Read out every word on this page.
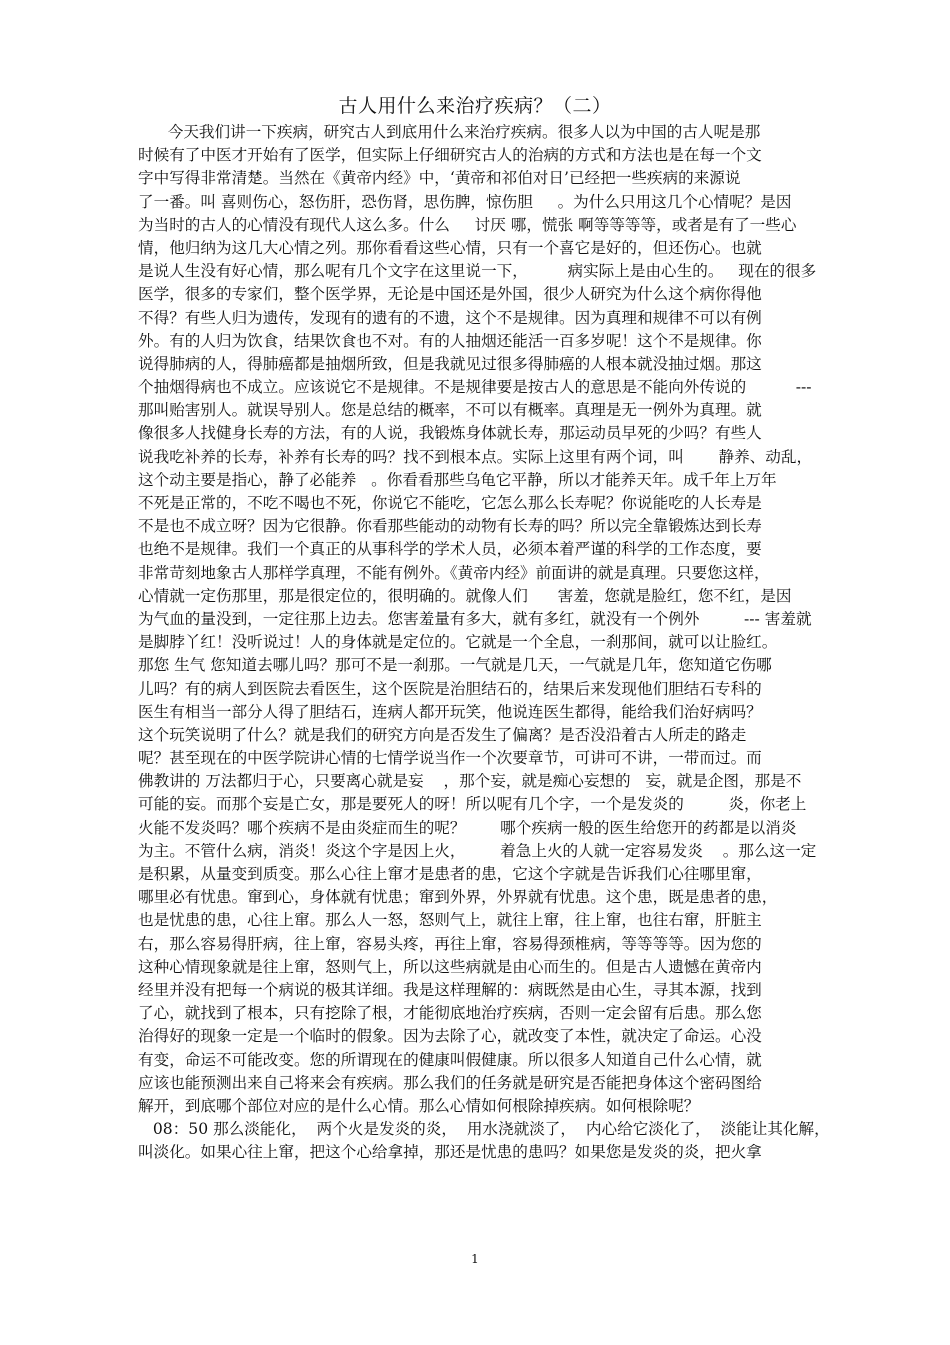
古人用什么来治疗疾病？（二）
今天我们讲一下疾病，研究古人到底用什么来治疗疾病。很多人以为中国的古人呢是那
时候有了中医才开始有了医学，但实际上仔细研究古人的治病的方式和方法也是在每一个文
字中写得非常清楚。当然在《黄帝内经》中，‘黄帝和祁伯对日’已经把一些疾病的来源说
了一番。叫 喜则伤心，怒伤肝，恐伤肾，思伤脾，惊伤胆     。为什么只用这几个心情呢？是因
为当时的古人的心情没有现代人这么多。什么     讨厌 哪，慌张 啊等等等等，或者是有了一些心
情，他归纳为这几大心情之列。那你看看这些心情，只有一个喜它是好的，但还伤心。也就
是说人生没有好心情，那么呢有几个文字在这里说一下，        病实际上是由心生的。   现在的很多
医学，很多的专家们，整个医学界，无论是中国还是外国，很少人研究为什么这个病你得他
不得？有些人归为遗传，发现有的遗有的不遗，这个不是规律。因为真理和规律不可以有例
外。有的人归为饮食，结果饮食也不对。有的人抽烟还能活一百多岁呢！这个不是规律。你
说得肺病的人，得肺癌都是抽烟所致，但是我就见过很多得肺癌的人根本就没抽过烟。那这
个抽烟得病也不成立。应该说它不是规律。不是规律要是按古人的意思是不能向外传说的          ---
那叫贻害别人。就误导别人。您是总结的概率，不可以有概率。真理是无一例外为真理。就
像很多人找健身长寿的方法，有的人说，我锻炼身体就长寿，那运动员早死的少吗？有些人
说我吃补养的长寿，补养有长寿的吗？找不到根本点。实际上这里有两个词，叫       静养、动乱，
这个动主要是指心，静了必能养   。你看看那些乌龟它平静，所以才能养天年。成千年上万年
不死是正常的，不吃不喝也不死，你说它不能吃，它怎么那么长寿呢？你说能吃的人长寿是
不是也不成立呀？因为它很静。你看那些能动的动物有长寿的吗？所以完全靠锻炼达到长寿
也绝不是规律。我们一个真正的从事科学的学术人员，必须本着严谨的科学的工作态度，要
非常苛刻地象古人那样学真理，不能有例外。《黄帝内经》前面讲的就是真理。只要您这样，
心情就一定伤那里，那是很定位的，很明确的。就像人们      害羞，您就是脸红，您不红，是因
为气血的量没到，一定往那上边去。您害羞量有多大，就有多红，就没有一个例外         --- 害羞就
是脚脖丫红！没听说过！人的身体就是定位的。它就是一个全息，一刹那间，就可以让脸红。
那您 生气 您知道去哪儿吗？那可不是一刹那。一气就是几天，一气就是几年，您知道它伤哪
儿吗？有的病人到医院去看医生，这个医院是治胆结石的，结果后来发现他们胆结石专科的
医生有相当一部分人得了胆结石，连病人都开玩笑，他说连医生都得，能给我们治好病吗？
这个玩笑说明了什么？就是我们的研究方向是否发生了偏离？是否没沿着古人所走的路走
呢？甚至现在的中医学院讲心情的七情学说当作一个次要章节，可讲可不讲，一带而过。而
佛教讲的 万法都归于心，只要离心就是妄    ，那个妄，就是痴心妄想的   妄，就是企图，那是不
可能的妄。而那个妄是亡女，那是要死人的呀！所以呢有几个字，一个是发炎的         炎，你老上
火能不发炎吗？哪个疾病不是由炎症而生的呢？       哪个疾病一般的医生给您开的药都是以消炎
为主。不管什么病，消炎！炎这个字是因上火，       着急上火的人就一定容易发炎    。那么这一定
是积累，从量变到质变。那么心往上窜才是患者的患，它这个字就是告诉我们心往哪里窜，
哪里必有忧患。窜到心，身体就有忧患；窜到外界，外界就有忧患。这个患，既是患者的患，
也是忧患的患，心往上窜。那么人一怒，怒则气上，就往上窜，往上窜，也往右窜，肝脏主
右，那么容易得肝病，往上窜，容易头疼，再往上窜，容易得颈椎病，等等等等。因为您的
这种心情现象就是往上窜，怒则气上，所以这些病就是由心而生的。但是古人遗憾在黄帝内
经里并没有把每一个病说的极其详细。我是这样理解的：病既然是由心生，寻其本源，找到
了心，就找到了根本，只有挖除了根，才能彻底地治疗疾病，否则一定会留有后患。那么您
治得好的现象一定是一个临时的假象。因为去除了心，就改变了本性，就决定了命运。心没
有变，命运不可能改变。您的所谓现在的健康叫假健康。所以很多人知道自己什么心情，就
应该也能预测出来自己将来会有疾病。那么我们的任务就是研究是否能把身体这个密码图给
解开，到底哪个部位对应的是什么心情。那么心情如何根除掉疾病。如何根除呢？
08：50 那么淡能化，  两个火是发炎的炎，  用水浇就淡了，  内心给它淡化了，  淡能让其化解，
叫淡化。如果心往上窜，把这个心给拿掉，那还是忧患的患吗？如果您是发炎的炎，把火拿
1
